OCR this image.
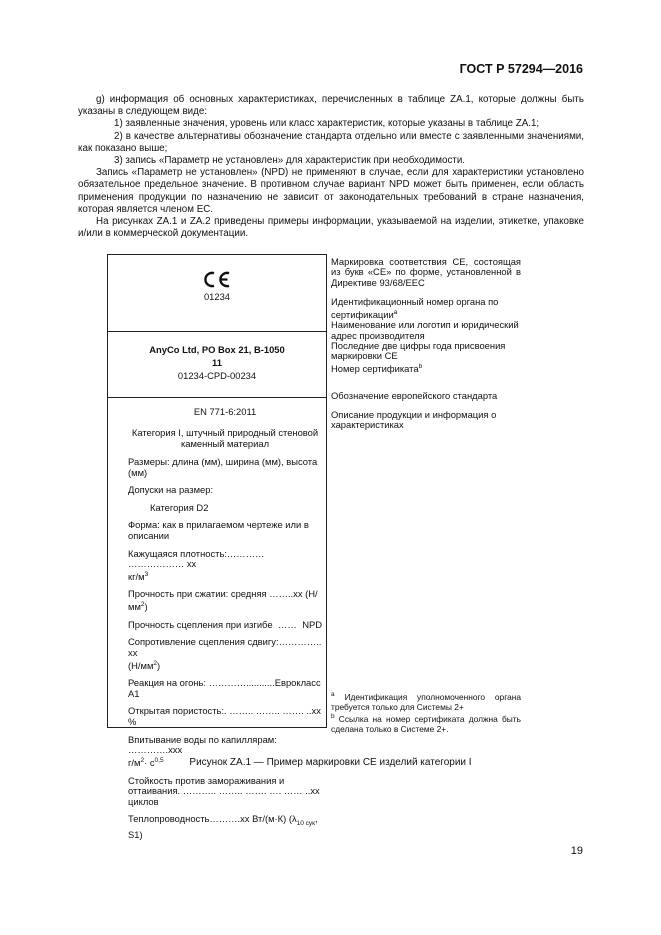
ГОСТ Р 57294—2016

g) информация об основных характеристиках, перечисленных в таблице ZA.1, которые должны быть указаны в следующем виде:

1) заявленные значения, уровень или класс характеристик, которые указаны в таблице ZA.1;

2) в качестве альтернативы обозначение стандарта отдельно или вместе с заявленными значениями, как показано выше;

3) запись «Параметр не установлен» для характеристик при необходимости.

Запись «Параметр не установлен» (NPD) не применяют в случае, если для характеристики установлено обязательное предельное значение. В противном случае вариант NPD может быть применен, если область применения продукции по назначению не зависит от законодательных требований в стране назначения, которая является членом ЕС.

На рисунках ZA.1 и ZA.2 приведены примеры информации, указываемой на изделии, этикетке, упаковке и/или в коммерческой документации.

01234
AnyCo Ltd, PO Box 21, B-1050
11
01234-CPD-00234
EN 771-6:2011
Категория I, штучный природный стеновой каменный материал
Размеры: длина (мм), ширина (мм), высота (мм)
Допуски на размер:
Категория D2
Форма: как в прилагаемом чертеже или в описании
Кажущаяся плотность:………… ……………… xx
$кг/м^3$
Прочность при сжатии: средняя ……..xx $(Н/мм^2)$
Прочность сцепления при изгибе …… NPD
Сопротивление сцепления сдвигу:………….. xx
$(Н/мм^2)$
Реакция на огонь: …………...........Еврокласс A1
Открытая пористость:. …….. …….. ……. ..xx %
Впитывание воды по капиллярам: ………….xxx
$г/м^2\cdot с^{0,5}$
Стойкость против замораживания и оттаивания. ……….. …….. ……. …. …… ..xx циклов
Теплопроводность……….xx Вт/(м·К) ($\lambda_{10 сук}$, S1)

Маркировка соответствия CE, состоящая из букв «CE» по форме, установленной в Директиве 93/68/EEC

Идентификационный номер органа по сертификации$^a$
Наименование или логотип и юридический адрес производителя
Последние две цифры года присвоения маркировки CE
Номер сертификата$^b$
Обозначение европейского стандарта
Описание продукции и информация о характеристиках
$^a$ Идентификация уполномоченного органа требуется только для Системы 2+
$^b$ Ссылка на номер сертификата должна быть сделана только в Системе 2+.
Рисунок ZA.1 — Пример маркировки CE изделий категории I
19
